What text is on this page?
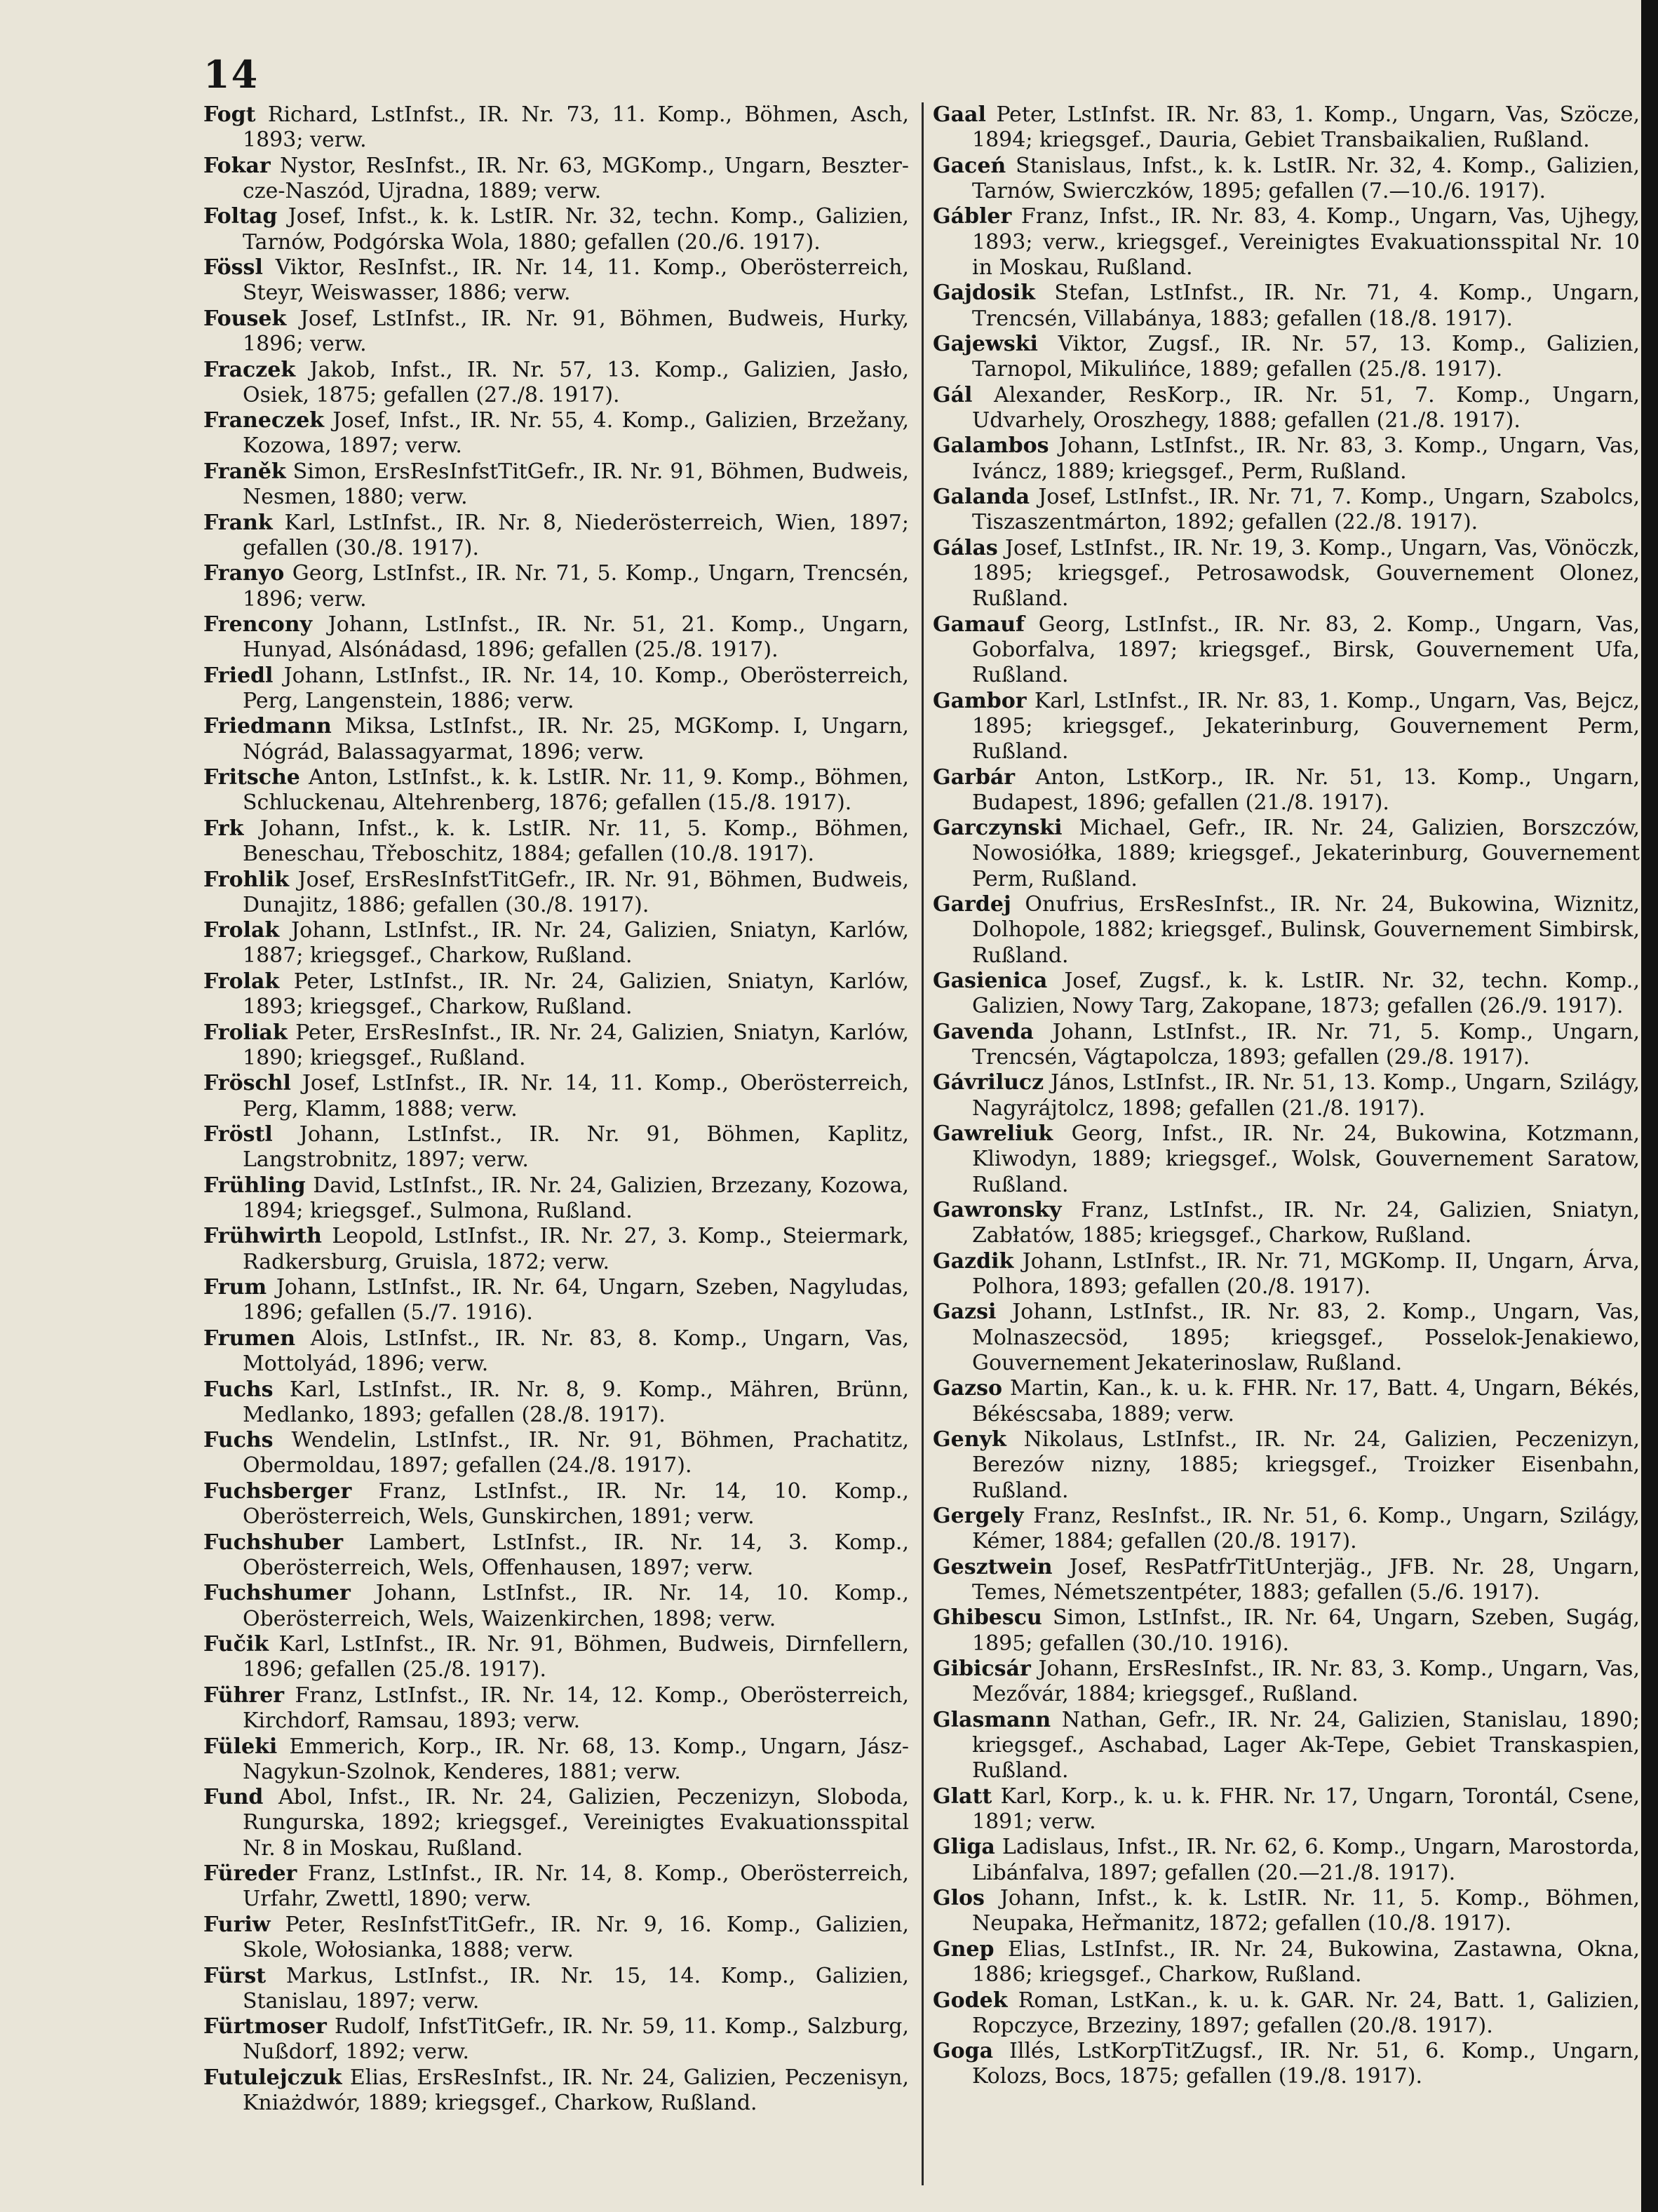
14

Fogt Richard, LstInfst., IR. Nr. 73, 11. Komp., Böhmen, Asch, 1893; verw.

Fokar Nystor, ResInfst., IR. Nr. 63, MGKomp., Ungarn, Beszter-cze-Naszód, Ujradna, 1889; verw.

Foltag Josef, Infst., k. k. LstIR. Nr. 32, techn. Komp., Galizien, Tarnów, Podgórska Wola, 1880; gefallen (20./6. 1917).

Fössl Viktor, ResInfst., IR. Nr. 14, 11. Komp., Oberösterreich, Steyr, Weiswasser, 1886; verw.

Fousek Josef, LstInfst., IR. Nr. 91, Böhmen, Budweis, Hurky, 1896; verw.

Fraczek Jakob, Infst., IR. Nr. 57, 13. Komp., Galizien, Jasło, Osiek, 1875; gefallen (27./8. 1917).

Franeczek Josef, Infst., IR. Nr. 55, 4. Komp., Galizien, Brzežany, Kozowa, 1897; verw.

Franěk Simon, ErsResInfstTitGefr., IR. Nr. 91, Böhmen, Budweis, Nesmen, 1880; verw.

Frank Karl, LstInfst., IR. Nr. 8, Niederösterreich, Wien, 1897; gefallen (30./8. 1917).

Franyo Georg, LstInfst., IR. Nr. 71, 5. Komp., Ungarn, Trencsén, 1896; verw.

Frencony Johann, LstInfst., IR. Nr. 51, 21. Komp., Ungarn, Hunyad, Alsónádasd, 1896; gefallen (25./8. 1917).

Friedl Johann, LstInfst., IR. Nr. 14, 10. Komp., Oberösterreich, Perg, Langenstein, 1886; verw.

Friedmann Miksa, LstInfst., IR. Nr. 25, MGKomp. I, Ungarn, Nógrád, Balassagyarmat, 1896; verw.

Fritsche Anton, LstInfst., k. k. LstIR. Nr. 11, 9. Komp., Böhmen, Schluckenau, Altehrenberg, 1876; gefallen (15./8. 1917).

Frk Johann, Infst., k. k. LstIR. Nr. 11, 5. Komp., Böhmen, Beneschau, Třeboschitz, 1884; gefallen (10./8. 1917).

Frohlik Josef, ErsResInfstTitGefr., IR. Nr. 91, Böhmen, Budweis, Dunajitz, 1886; gefallen (30./8. 1917).

Frolak Johann, LstInfst., IR. Nr. 24, Galizien, Sniatyn, Karlów, 1887; kriegsgef., Charkow, Rußland.

Frolak Peter, LstInfst., IR. Nr. 24, Galizien, Sniatyn, Karlów, 1893; kriegsgef., Charkow, Rußland.

Froliak Peter, ErsResInfst., IR. Nr. 24, Galizien, Sniatyn, Karlów, 1890; kriegsgef., Rußland.

Fröschl Josef, LstInfst., IR. Nr. 14, 11. Komp., Oberösterreich, Perg, Klamm, 1888; verw.

Fröstl Johann, LstInfst., IR. Nr. 91, Böhmen, Kaplitz, Langstrobnitz, 1897; verw.

Frühling David, LstInfst., IR. Nr. 24, Galizien, Brzezany, Kozowa, 1894; kriegsgef., Sulmona, Rußland.

Frühwirth Leopold, LstInfst., IR. Nr. 27, 3. Komp., Steiermark, Radkersburg, Gruisla, 1872; verw.

Frum Johann, LstInfst., IR. Nr. 64, Ungarn, Szeben, Nagyludas, 1896; gefallen (5./7. 1916).

Frumen Alois, LstInfst., IR. Nr. 83, 8. Komp., Ungarn, Vas, Mottolyád, 1896; verw.

Fuchs Karl, LstInfst., IR. Nr. 8, 9. Komp., Mähren, Brünn, Medlanko, 1893; gefallen (28./8. 1917).

Fuchs Wendelin, LstInfst., IR. Nr. 91, Böhmen, Prachatitz, Obermoldau, 1897; gefallen (24./8. 1917).

Fuchsberger Franz, LstInfst., IR. Nr. 14, 10. Komp., Oberösterreich, Wels, Gunskirchen, 1891; verw.

Fuchshuber Lambert, LstInfst., IR. Nr. 14, 3. Komp., Oberösterreich, Wels, Offenhausen, 1897; verw.

Fuchshumer Johann, LstInfst., IR. Nr. 14, 10. Komp., Oberösterreich, Wels, Waizenkirchen, 1898; verw.

Fučik Karl, LstInfst., IR. Nr. 91, Böhmen, Budweis, Dirnfellern, 1896; gefallen (25./8. 1917).

Führer Franz, LstInfst., IR. Nr. 14, 12. Komp., Oberösterreich, Kirchdorf, Ramsau, 1893; verw.

Füleki Emmerich, Korp., IR. Nr. 68, 13. Komp., Ungarn, Jász-Nagykun-Szolnok, Kenderes, 1881; verw.

Fund Abol, Infst., IR. Nr. 24, Galizien, Peczenizyn, Sloboda, Rungurska, 1892; kriegsgef., Vereinigtes Evakuationsspital Nr. 8 in Moskau, Rußland.

Füreder Franz, LstInfst., IR. Nr. 14, 8. Komp., Oberösterreich, Urfahr, Zwettl, 1890; verw.

Furiw Peter, ResInfstTitGefr., IR. Nr. 9, 16. Komp., Galizien, Skole, Wołosianka, 1888; verw.

Fürst Markus, LstInfst., IR. Nr. 15, 14. Komp., Galizien, Stanislau, 1897; verw.

Fürtmoser Rudolf, InfstTitGefr., IR. Nr. 59, 11. Komp., Salzburg, Nußdorf, 1892; verw.

Futulejczuk Elias, ErsResInfst., IR. Nr. 24, Galizien, Peczenisyn, Kniażdwór, 1889; kriegsgef., Charkow, Rußland.

Gaal Peter, LstInfst. IR. Nr. 83, 1. Komp., Ungarn, Vas, Szöcze, 1894; kriegsgef., Dauria, Gebiet Transbaikalien, Rußland.

Gaceń Stanislaus, Infst., k. k. LstIR. Nr. 32, 4. Komp., Galizien, Tarnów, Swierczków, 1895; gefallen (7.—10./6. 1917).

Gábler Franz, Infst., IR. Nr. 83, 4. Komp., Ungarn, Vas, Ujhegy, 1893; verw., kriegsgef., Vereinigtes Evakuationsspital Nr. 10 in Moskau, Rußland.

Gajdosik Stefan, LstInfst., IR. Nr. 71, 4. Komp., Ungarn, Trencsén, Villabánya, 1883; gefallen (18./8. 1917).

Gajewski Viktor, Zugsf., IR. Nr. 57, 13. Komp., Galizien, Tarnopol, Mikulińce, 1889; gefallen (25./8. 1917).

Gál Alexander, ResKorp., IR. Nr. 51, 7. Komp., Ungarn, Udvarhely, Oroszhegy, 1888; gefallen (21./8. 1917).

Galambos Johann, LstInfst., IR. Nr. 83, 3. Komp., Ungarn, Vas, Iváncz, 1889; kriegsgef., Perm, Rußland.

Galanda Josef, LstInfst., IR. Nr. 71, 7. Komp., Ungarn, Szabolcs, Tiszaszentmárton, 1892; gefallen (22./8. 1917).

Gálas Josef, LstInfst., IR. Nr. 19, 3. Komp., Ungarn, Vas, Vönöczk, 1895; kriegsgef., Petrosawodsk, Gouvernement Olonez, Rußland.

Gamauf Georg, LstInfst., IR. Nr. 83, 2. Komp., Ungarn, Vas, Goborfalva, 1897; kriegsgef., Birsk, Gouvernement Ufa, Rußland.

Gambor Karl, LstInfst., IR. Nr. 83, 1. Komp., Ungarn, Vas, Bejcz, 1895; kriegsgef., Jekaterinburg, Gouvernement Perm, Rußland.

Garbár Anton, LstKorp., IR. Nr. 51, 13. Komp., Ungarn, Budapest, 1896; gefallen (21./8. 1917).

Garczynski Michael, Gefr., IR. Nr. 24, Galizien, Borszczów, Nowosiółka, 1889; kriegsgef., Jekaterinburg, Gouvernement Perm, Rußland.

Gardej Onufrius, ErsResInfst., IR. Nr. 24, Bukowina, Wiznitz, Dolhopole, 1882; kriegsgef., Bulinsk, Gouvernement Simbirsk, Rußland.

Gasienica Josef, Zugsf., k. k. LstIR. Nr. 32, techn. Komp., Galizien, Nowy Targ, Zakopane, 1873; gefallen (26./9. 1917).

Gavenda Johann, LstInfst., IR. Nr. 71, 5. Komp., Ungarn, Trencsén, Vágtapolcza, 1893; gefallen (29./8. 1917).

Gávrilucz János, LstInfst., IR. Nr. 51, 13. Komp., Ungarn, Szilágy, Nagyrájtolcz, 1898; gefallen (21./8. 1917).

Gawreliuk Georg, Infst., IR. Nr. 24, Bukowina, Kotzmann, Kliwodyn, 1889; kriegsgef., Wolsk, Gouvernement Saratow, Rußland.

Gawronsky Franz, LstInfst., IR. Nr. 24, Galizien, Sniatyn, Zabłatów, 1885; kriegsgef., Charkow, Rußland.

Gazdik Johann, LstInfst., IR. Nr. 71, MGKomp. II, Ungarn, Árva, Polhora, 1893; gefallen (20./8. 1917).

Gazsi Johann, LstInfst., IR. Nr. 83, 2. Komp., Ungarn, Vas, Molnaszecsöd, 1895; kriegsgef., Posselok-Jenakiewo, Gouvernement Jekaterinoslaw, Rußland.

Gazso Martin, Kan., k. u. k. FHR. Nr. 17, Batt. 4, Ungarn, Békés, Békéscsaba, 1889; verw.

Genyk Nikolaus, LstInfst., IR. Nr. 24, Galizien, Peczenizyn, Berezów nizny, 1885; kriegsgef., Troizker Eisenbahn, Rußland.

Gergely Franz, ResInfst., IR. Nr. 51, 6. Komp., Ungarn, Szilágy, Kémer, 1884; gefallen (20./8. 1917).

Gesztwein Josef, ResPatfrTitUnterjäg., JFB. Nr. 28, Ungarn, Temes, Németszentpéter, 1883; gefallen (5./6. 1917).

Ghibescu Simon, LstInfst., IR. Nr. 64, Ungarn, Szeben, Sugág, 1895; gefallen (30./10. 1916).

Gibicsár Johann, ErsResInfst., IR. Nr. 83, 3. Komp., Ungarn, Vas, Mezővár, 1884; kriegsgef., Rußland.

Glasmann Nathan, Gefr., IR. Nr. 24, Galizien, Stanislau, 1890; kriegsgef., Aschabad, Lager Ak-Tepe, Gebiet Transkaspien, Rußland.

Glatt Karl, Korp., k. u. k. FHR. Nr. 17, Ungarn, Torontál, Csene, 1891; verw.

Gliga Ladislaus, Infst., IR. Nr. 62, 6. Komp., Ungarn, Marostorda, Libánfalva, 1897; gefallen (20.—21./8. 1917).

Glos Johann, Infst., k. k. LstIR. Nr. 11, 5. Komp., Böhmen, Neupaka, Heřmanitz, 1872; gefallen (10./8. 1917).

Gnep Elias, LstInfst., IR. Nr. 24, Bukowina, Zastawna, Okna, 1886; kriegsgef., Charkow, Rußland.

Godek Roman, LstKan., k. u. k. GAR. Nr. 24, Batt. 1, Galizien, Ropczyce, Brzeziny, 1897; gefallen (20./8. 1917).

Goga Illés, LstKorpTitZugsf., IR. Nr. 51, 6. Komp., Ungarn, Kolozs, Bocs, 1875; gefallen (19./8. 1917).
